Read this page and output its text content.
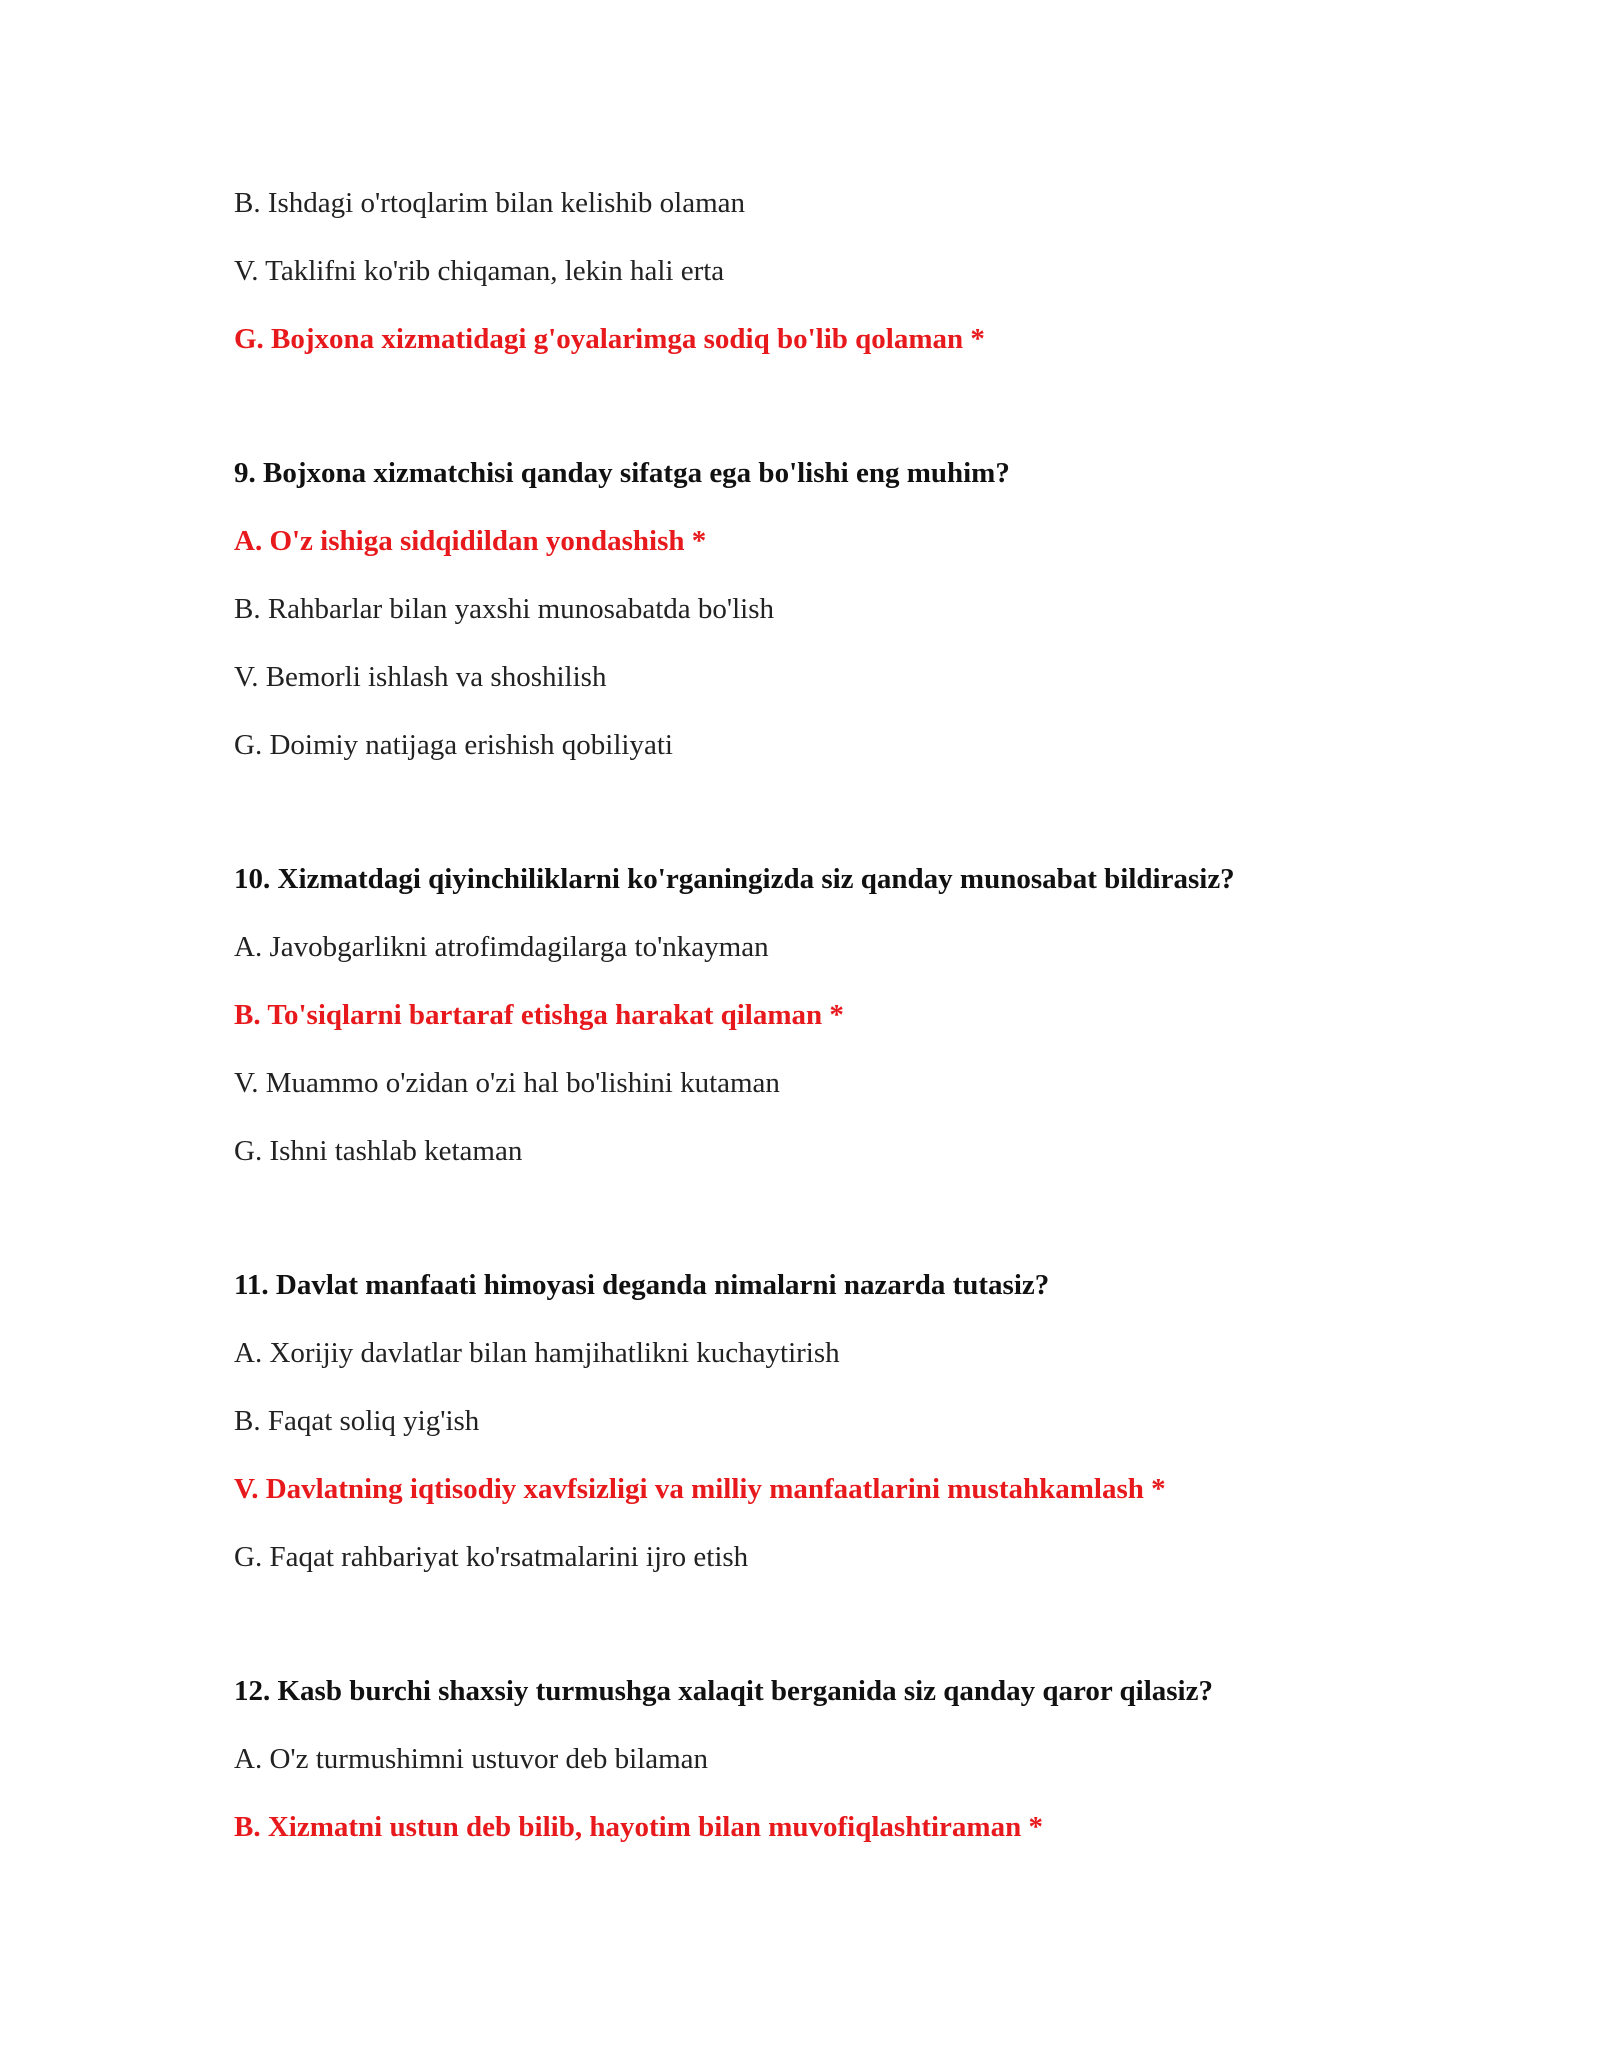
B. Ishdagi o'rtoqlarim bilan kelishib olaman
V. Taklifni ko'rib chiqaman, lekin hali erta
G. Bojxona xizmatidagi g'oyalarimga sodiq bo'lib qolaman *
9. Bojxona xizmatchisi qanday sifatga ega bo'lishi eng muhim?
A. O'z ishiga sidqidildan yondashish *
B. Rahbarlar bilan yaxshi munosabatda bo'lish
V. Bemorli ishlash va shoshilish
G. Doimiy natijaga erishish qobiliyati
10. Xizmatdagi qiyinchiliklarni ko'rganingizda siz qanday munosabat bildirasiz?
A. Javobgarlikni atrofimdagilarga to'nkayman
B. To'siqlarni bartaraf etishga harakat qilaman *
V. Muammo o'zidan o'zi hal bo'lishini kutaman
G. Ishni tashlab ketaman
11. Davlat manfaati himoyasi deganda nimalarni nazarda tutasiz?
A. Xorijiy davlatlar bilan hamjihatlikni kuchaytirish
B. Faqat soliq yig'ish
V. Davlatning iqtisodiy xavfsizligi va milliy manfaatlarini mustahkamlash *
G. Faqat rahbariyat ko'rsatmalarini ijro etish
12. Kasb burchi shaxsiy turmushga xalaqit berganida siz qanday qaror qilasiz?
A. O'z turmushimni ustuvor deb bilaman
B. Xizmatni ustun deb bilib, hayotim bilan muvofiqlashtiraman *
